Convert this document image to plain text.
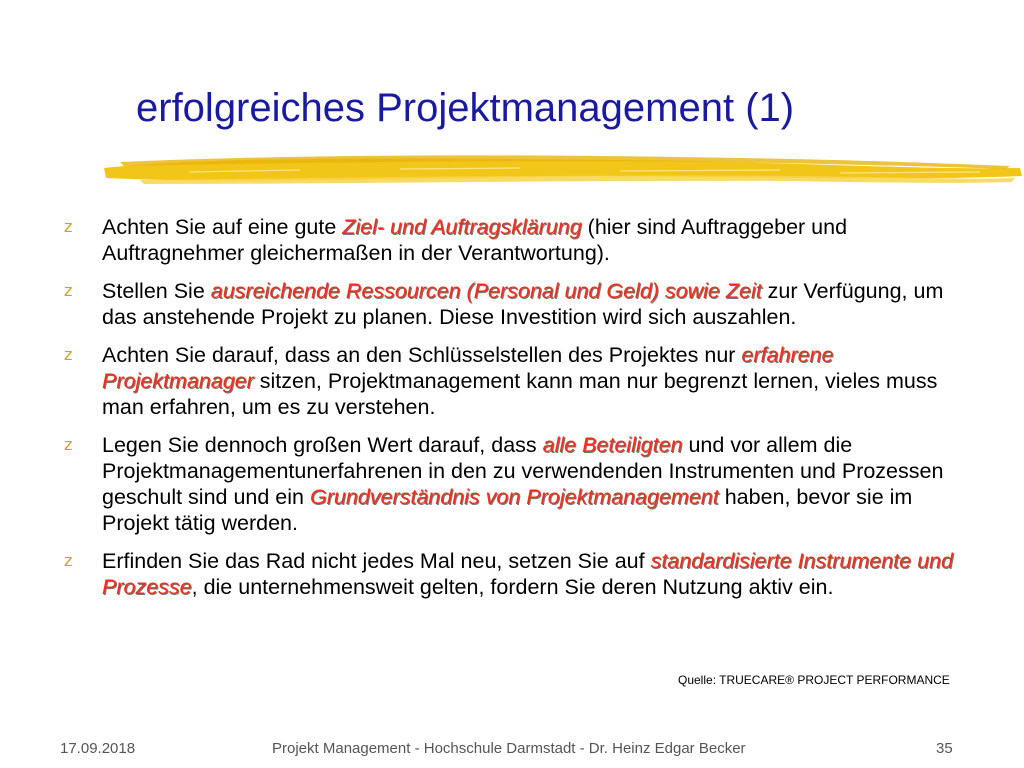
erfolgreiches Projektmanagement (1)
z Achten Sie auf eine gute Ziel- und Auftragsklärung (hier sind Auftraggeber und Auftragnehmer gleichermaßen in der Verantwortung).
z Stellen Sie ausreichende Ressourcen (Personal und Geld) sowie Zeit zur Verfügung, um das anstehende Projekt zu planen. Diese Investition wird sich auszahlen.
z Achten Sie darauf, dass an den Schlüsselstellen des Projektes nur erfahrene Projektmanager sitzen, Projektmanagement kann man nur begrenzt lernen, vieles muss man erfahren, um es zu verstehen.
z Legen Sie dennoch großen Wert darauf, dass alle Beteiligten und vor allem die Projektmanagementunerfahrenen in den zu verwendenden Instrumenten und Prozessen geschult sind und ein Grundverständnis von Projektmanagement haben, bevor sie im Projekt tätig werden.
z Erfinden Sie das Rad nicht jedes Mal neu, setzen Sie auf standardisierte Instrumente und Prozesse, die unternehmensweit gelten, fordern Sie deren Nutzung aktiv ein.
Quelle: TRUECARE® PROJECT PERFORMANCE
17.09.2018	Projekt Management - Hochschule Darmstadt - Dr. Heinz Edgar Becker	35
